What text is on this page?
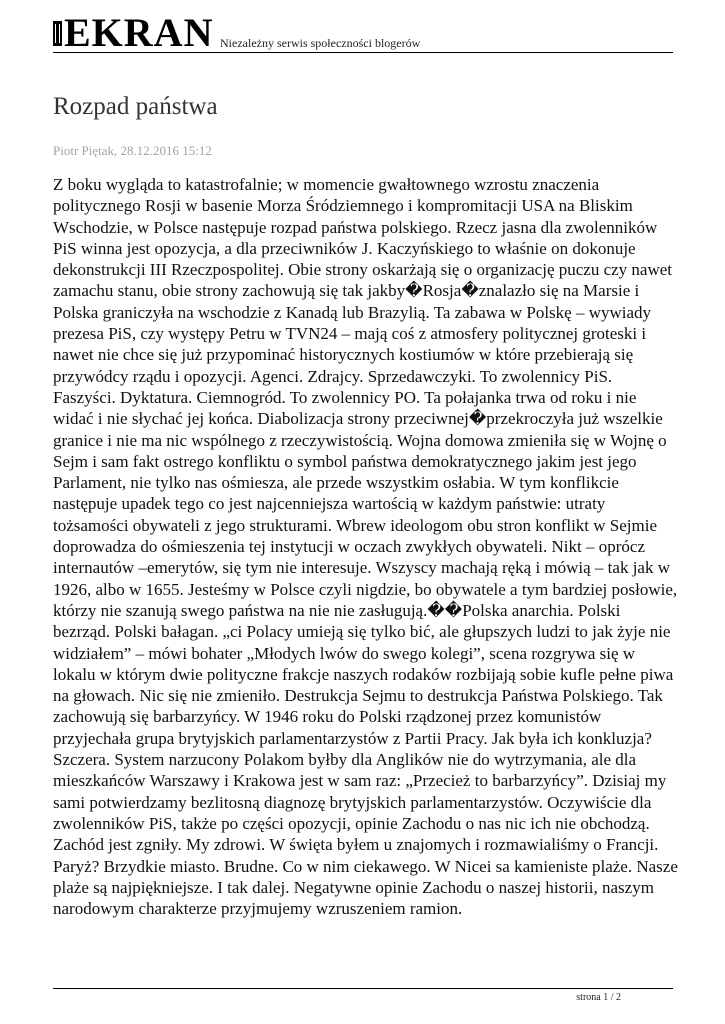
EKRAN Niezależny serwis społeczności blogerów
Rozpad państwa
Piotr Piętak, 28.12.2016 15:12

Z boku wygląda to katastrofalnie; w momencie gwałtownego wzrostu znaczenia politycznego Rosji w basenie Morza Śródziemnego i kompromitacji USA na Bliskim Wschodzie, w Polsce następuje rozpad państwa polskiego. Rzecz jasna dla zwolenników PiS winna jest opozycja, a dla przeciwników J. Kaczyńskiego to właśnie on dokonuje dekonstrukcji III Rzeczpospolitej. Obie strony oskarżają się o organizację puczu czy nawet zamachu stanu, obie strony zachowują się tak jakby�Rosja�znalazło się na Marsie i Polska graniczyła na wschodzie z Kanadą lub Brazylią. Ta zabawa w Polskę – wywiady prezesa PiS, czy występy Petru w TVN24 – mają coś z atmosfery politycznej groteski i nawet nie chce się już przypominać historycznych kostiumów w które przebierają się przywódcy rządu i opozycji. Agenci. Zdrajcy. Sprzedawczyki. To zwolennicy PiS. Faszyści. Dyktatura. Ciemnogród. To zwolennicy PO. Ta połajanka trwa od roku i nie widać i nie słychać jej końca. Diabolizacja strony przeciwnej�przekroczyła już wszelkie granice i nie ma nic wspólnego z rzeczywistością. Wojna domowa zmieniła się w Wojnę o Sejm i sam fakt ostrego konfliktu o symbol państwa demokratycznego jakim jest jego Parlament, nie tylko nas ośmiesza, ale przede wszystkim osłabia. W tym konflikcie następuje upadek tego co jest najcenniejsza wartością w każdym państwie: utraty tożsamości obywateli z jego strukturami. Wbrew ideologom obu stron konflikt w Sejmie doprowadza do ośmieszenia tej instytucji w oczach zwykłych obywateli. Nikt – oprócz internautów –emerytów, się tym nie interesuje. Wszyscy machają ręką i mówią – tak jak w 1926, albo w 1655. Jesteśmy w Polsce czyli nigdzie, bo obywatele a tym bardziej posłowie, którzy nie szanują swego państwa na nie nie zasługują.��Polska anarchia. Polski bezrząd. Polski bałagan. „ci Polacy umieją się tylko bić, ale głupszych ludzi to jak żyje nie widziałem” – mówi bohater „Młodych lwów do swego kolegi”, scena rozgrywa się w lokalu w którym dwie polityczne frakcje naszych rodaków rozbijają sobie kufle pełne piwa na głowach. Nic się nie zmieniło. Destrukcja Sejmu to destrukcja Państwa Polskiego. Tak zachowują się barbarzyńcy. W 1946 roku do Polski rządzonej przez komunistów przyjechała grupa brytyjskich parlamentarzystów z Partii Pracy. Jak była ich konkluzja? Szczera. System narzucony Polakom byłby dla Anglików nie do wytrzymania, ale dla mieszkańców Warszawy i Krakowa jest w sam raz: „Przecież to barbarzyńcy”. Dzisiaj my sami potwierdzamy bezlitosną diagnozę brytyjskich parlamentarzystów. Oczywiście dla zwolenników PiS, także po części opozycji, opinie Zachodu o nas nic ich nie obchodzą. Zachód jest zgniły. My zdrowi. W święta byłem u znajomych i rozmawialiśmy o Francji. Paryż? Brzydkie miasto. Brudne. Co w nim ciekawego. W Nicei sa kamieniste plaże. Nasze plaże są najpiękniejsze. I tak dalej. Negatywne opinie Zachodu o naszej historii, naszym narodowym charakterze przyjmujemy wzruszeniem ramion.

strona 1 / 2
